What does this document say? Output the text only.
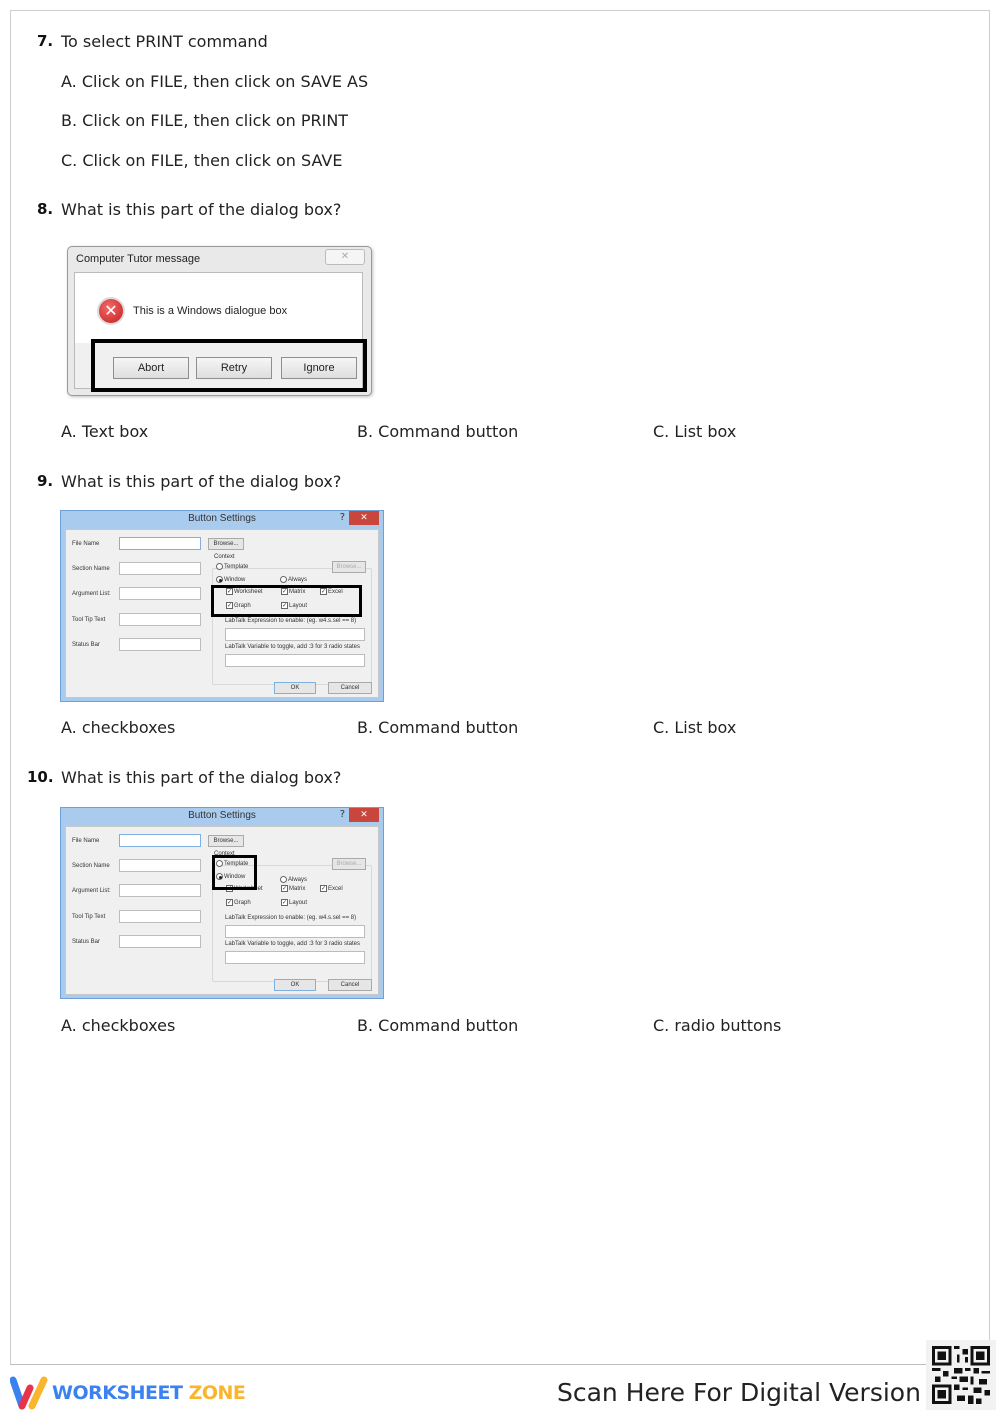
7. To select PRINT command
A. Click on FILE, then click on SAVE AS
B. Click on FILE, then click on PRINT
C. Click on FILE, then click on SAVE
8. What is this part of the dialog box?
Computer Tutor message	✕
✕	This is a Windows dialogue box
Abort	Retry	Ignore
A. Text box	B. Command button	C. List box
9. What is this part of the dialog box?
Button Settings	?	✕
File Name
Section Name
Argument List:
Tool Tip Text
Status Bar
Browse...
Context
Template	Browse...
Window	Always
✓ Worksheet	✓ Matrix	✓ Excel
✓ Graph	✓ Layout
LabTalk Expression to enable: (eg. w4.s.sel == 8)
LabTalk Variable to toggle, add :3 for 3 radio states
OK	Cancel
A. checkboxes	B. Command button	C. List box
10. What is this part of the dialog box?
Button Settings	?	✕
File Name
Section Name
Argument List:
Tool Tip Text
Status Bar
Browse...
Context
Template	Browse...
Window	Always
✓ Worksheet	✓ Matrix	✓ Excel
✓ Graph	✓ Layout
LabTalk Expression to enable: (eg. w4.s.sel == 8)
LabTalk Variable to toggle, add :3 for 3 radio states
OK	Cancel
A. checkboxes	B. Command button	C. radio buttons
WORKSHEET ZONE	Scan Here For Digital Version
